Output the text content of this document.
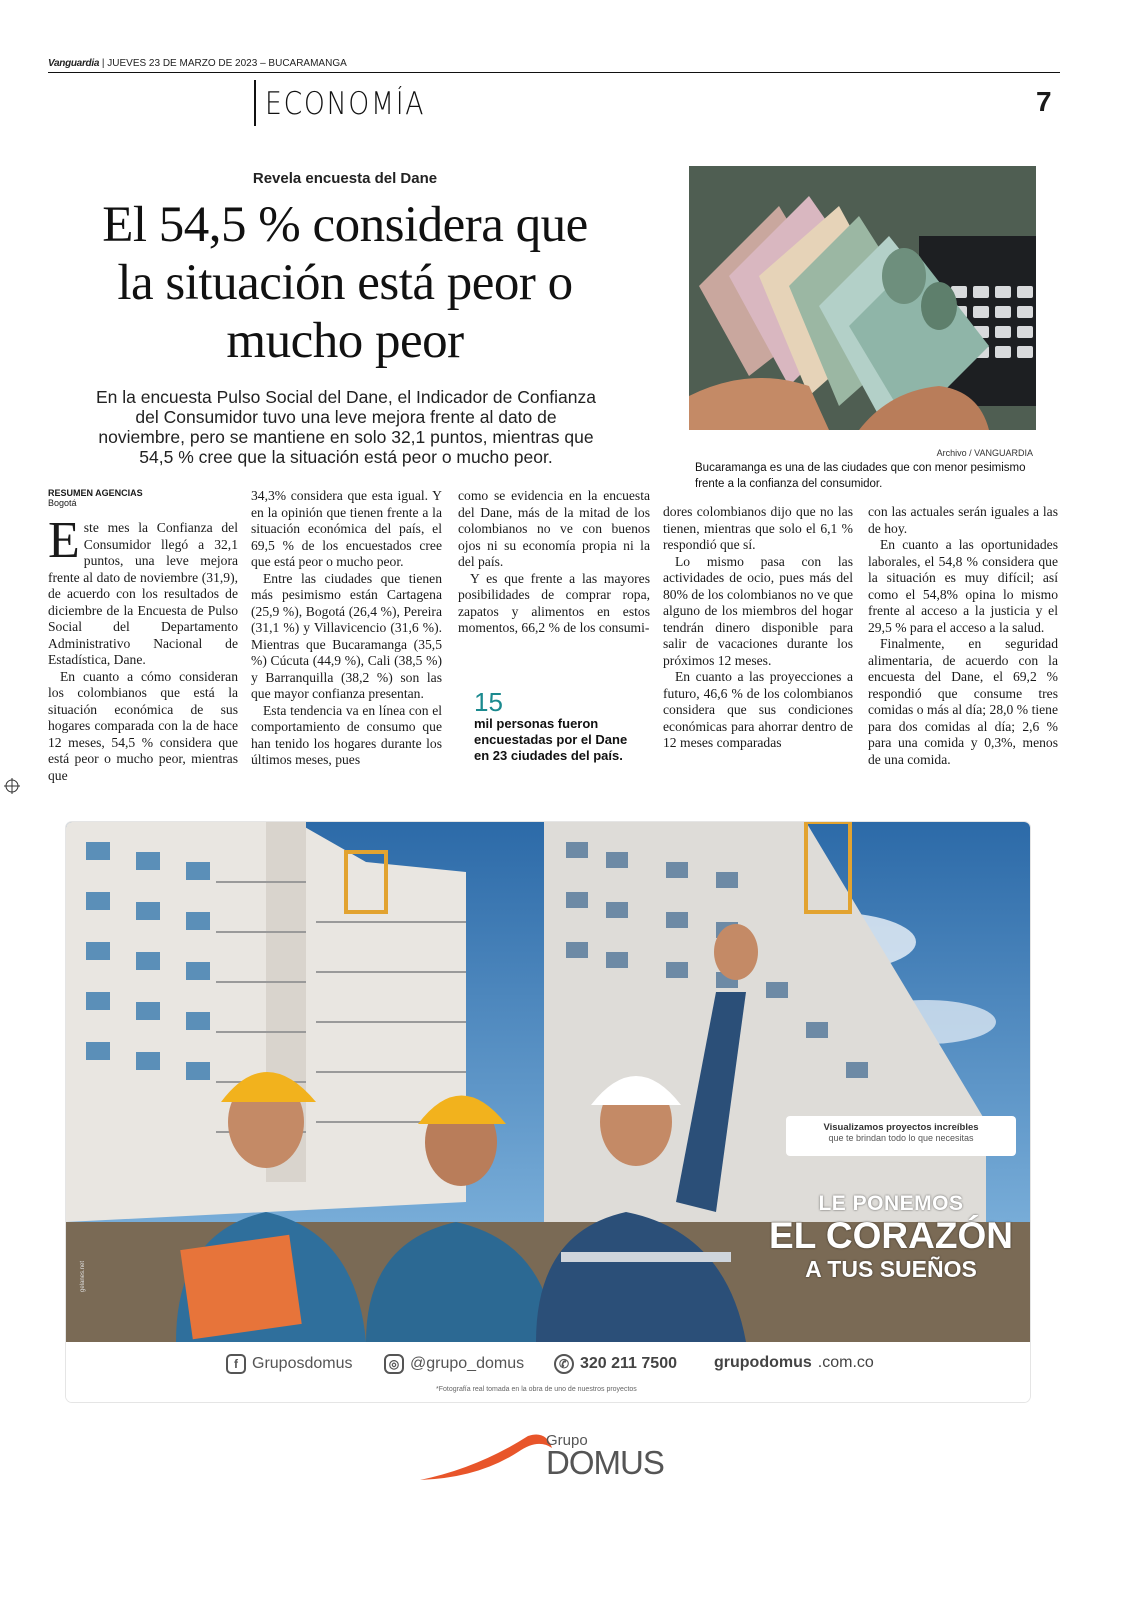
Vanguardia | JUEVES 23 DE MARZO DE 2023 – BUCARAMANGA
ECONOMÍA	7
Revela encuesta del Dane
El 54,5 % considera que la situación está peor o mucho peor
En la encuesta Pulso Social del Dane, el Indicador de Confianza del Consumidor tuvo una leve mejora frente al dato de noviembre, pero se mantiene en solo 32,1 puntos, mientras que 54,5 % cree que la situación está peor o mucho peor.	Archivo / VANGUARDIA
Bucaramanga es una de las ciudades que con menor pesimismo frente a la confianza del consumidor.
RESUMEN AGENCIAS
Bogotá

Este mes la Confianza del Consumidor llegó a 32,1 puntos, una leve mejora frente al dato de noviembre (31,9), de acuerdo con los resultados de diciembre de la Encuesta de Pulso Social del Departamento Administrativo Nacional de Estadística, Dane.

En cuanto a cómo consideran los colombianos que está la situación económica de sus hogares comparada con la de hace 12 meses, 54,5 % considera que está peor o mucho peor, mientras que

34,3% considera que esta igual. Y en la opinión que tienen frente a la situación económica del país, el 69,5 % de los encuestados cree que está peor o mucho peor.

Entre las ciudades que tienen más pesimismo están Cartagena (25,9 %), Bogotá (26,4 %), Pereira (31,1 %) y Villavicencio (31,6 %). Mientras que Bucaramanga (35,5 %) Cúcuta (44,9 %), Cali (38,5 %) y Barranquilla (38,2 %) son las que mayor confianza presentan.

Esta tendencia va en línea con el comportamiento de consumo que han tenido los hogares durante los últimos meses, pues

como se evidencia en la encuesta del Dane, más de la mitad de los colombianos no ve con buenos ojos ni su economía propia ni la del país.

Y es que frente a las mayores posibilidades de comprar ropa, zapatos y alimentos en estos momentos, 66,2 % de los consumi-

15
mil personas fueron encuestadas por el Dane en 23 ciudades del país.

dores colombianos dijo que no las tienen, mientras que solo el 6,1 % respondió que sí.

Lo mismo pasa con las actividades de ocio, pues más del 80% de los colombianos no ve que alguno de los miembros del hogar tendrán dinero disponible para salir de vacaciones durante los próximos 12 meses.

En cuanto a las proyecciones a futuro, 46,6 % de los colombianos considera que sus condiciones económicas para ahorrar dentro de 12 meses comparadas

con las actuales serán iguales a las de hoy.

En cuanto a las oportunidades laborales, el 54,8 % considera que la situación es muy difícil; así como el 54,8% opina lo mismo frente al acceso a la justicia y el 29,5 % para el acceso a la salud.

Finalmente, en seguridad alimentaria, de acuerdo con la encuesta del Dane, el 69,2 % respondió que consume tres comidas o más al día; 28,0 % tiene para dos comidas al día; 2,6 % para una comida y 0,3%, menos de una comida.

Visualizamos proyectos increíbles
que te brindan todo lo que necesitas
LE PONEMOS
EL CORAZÓN
A TUS SUEÑOS
gelanes.net
f Gruposdomus	◎ @grupo_domus	✆ 320 211 7500 grupodomus .com.co
*Fotografía real tomada en la obra de uno de nuestros proyectos
Grupo
DOMUS
